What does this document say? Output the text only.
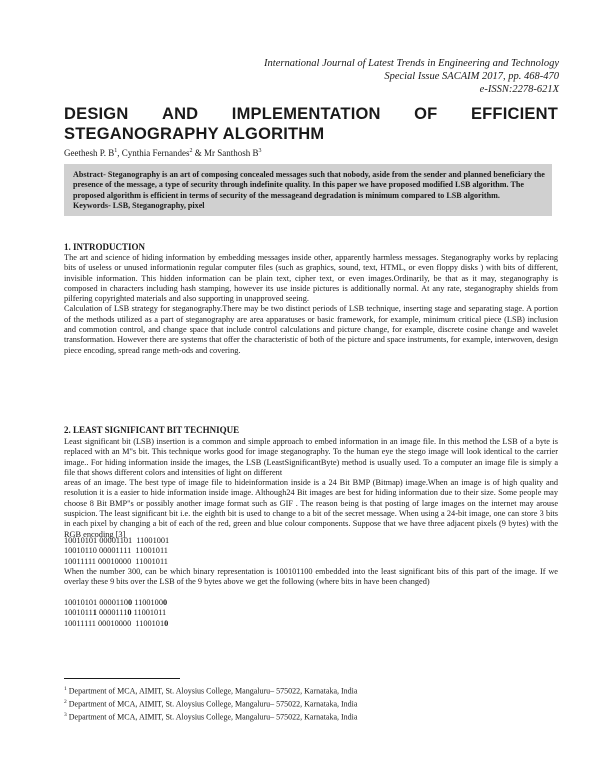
International Journal of Latest Trends in Engineering and Technology
Special Issue SACAIM 2017, pp. 468-470
e-ISSN:2278-621X
DESIGN AND IMPLEMENTATION OF EFFICIENT
STEGANOGRAPHY ALGORITHM
Geethesh P. $B^1$, Cynthia Fernandes$^2$ & Mr Santhosh $B^3$

Abstract- Steganography is an art of composing concealed messages such that nobody, aside from the sender and planned beneficiary the presence of the message, a type of security through indefinite quality. In this paper we have proposed modified LSB algorithm. The proposed algorithm is efficient in terms of security of the messageand degradation is minimum compared to LSB algorithm.

Keywords- LSB, Steganography, pixel

1. INTRODUCTION

The art and science of hiding information by embedding messages inside other, apparently harmless messages. Steganography works by replacing bits of useless or unused informationin regular computer files (such as graphics, sound, text, HTML, or even floppy disks ) with bits of different, invisible information. This hidden information can be plain text, cipher text, or even images.Ordinarily, be that as it may, steganography is composed in characters including hash stamping, however its use inside pictures is additionally normal. At any rate, steganography shields from pilfering copyrighted materials and also supporting in unapproved seeing.

Calculation of LSB strategy for steganography.There may be two distinct periods of LSB technique, inserting stage and separating stage. A portion of the methods utilized as a part of steganography are area apparatuses or basic framework, for example, minimum critical piece (LSB) inclusion and commotion control, and change space that include control calculations and picture change, for example, discrete cosine change and wavelet transformation. However there are systems that offer the characteristic of both of the picture and space instruments, for example, interwoven, design piece encoding, spread range meth-ods and covering.

2. LEAST SIGNIFICANT BIT TECHNIQUE

Least significant bit (LSB) insertion is a common and simple approach to embed information in an image file. In this method the LSB of a byte is replaced with an M"s bit. This technique works good for image steganography. To the human eye the stego image will look identical to the carrier image.. For hiding information inside the images, the LSB (LeastSignificantByte) method is usually used. To a computer an image file is simply a file that shows different colors and intensities of light on different

areas of an image. The best type of image file to hideinformation inside is a 24 Bit BMP (Bitmap) image.When an image is of high quality and resolution it is a easier to hide information inside image. Although24 Bit images are best for hiding information due to their size. Some people may choose 8 Bit BMP"s or possibly another image format such as GIF . The reason being is that posting of large images on the internet may arouse suspicion. The least significant bit i.e. the eighth bit is used to change to a bit of the secret message. When using a 24-bit image, one can store 3 bits in each pixel by changing a bit of each of the red, green and blue colour components. Suppose that we have three adjacent pixels (9 bytes) with the RGB encoding [3]

10010101 00001101  11001001
10010110 00001111  11001011
10011111 00010000  11001011
When the number 300, can be which binary representation is 100101100 embedded into the least significant bits of this part of the image. If we overlay these 9 bits over the LSB of the 9 bytes above we get the following (where bits in have been changed)
10010101 00001100 11001000
10010111 00001110 11001011
10011111 00010000  11001010
$^1$ Department of MCA, AIMIT, St. Aloysius College, Mangaluru– 575022, Karnataka, India
$^2$ Department of MCA, AIMIT, St. Aloysius College, Mangaluru– 575022, Karnataka, India
$^3$ Department of MCA, AIMIT, St. Aloysius College, Mangaluru– 575022, Karnataka, India
